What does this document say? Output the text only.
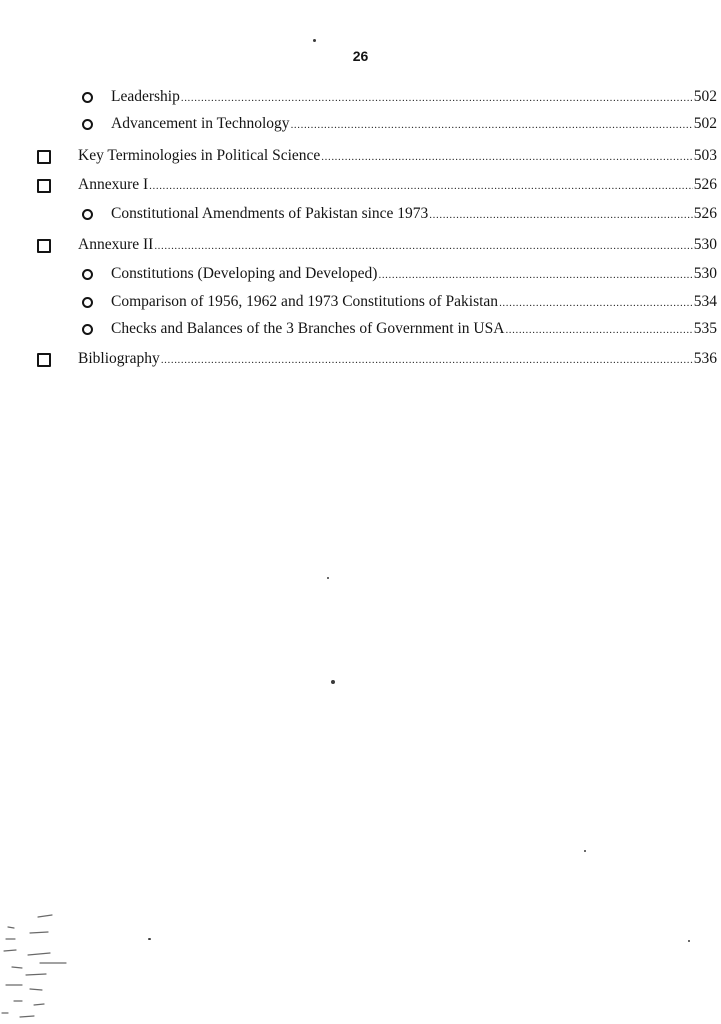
26
Leadership .....	502
Advancement in Technology .....	502
Key Terminologies in Political Science .....	503
Annexure I .....	526
Constitutional Amendments of Pakistan since 1973 .....	526
Annexure II .....	530
Constitutions (Developing and Developed) .....	530
Comparison of 1956, 1962 and 1973 Constitutions of Pakistan .....	534
Checks and Balances of the 3 Branches of Government in USA .....	535
Bibliography .....	536
